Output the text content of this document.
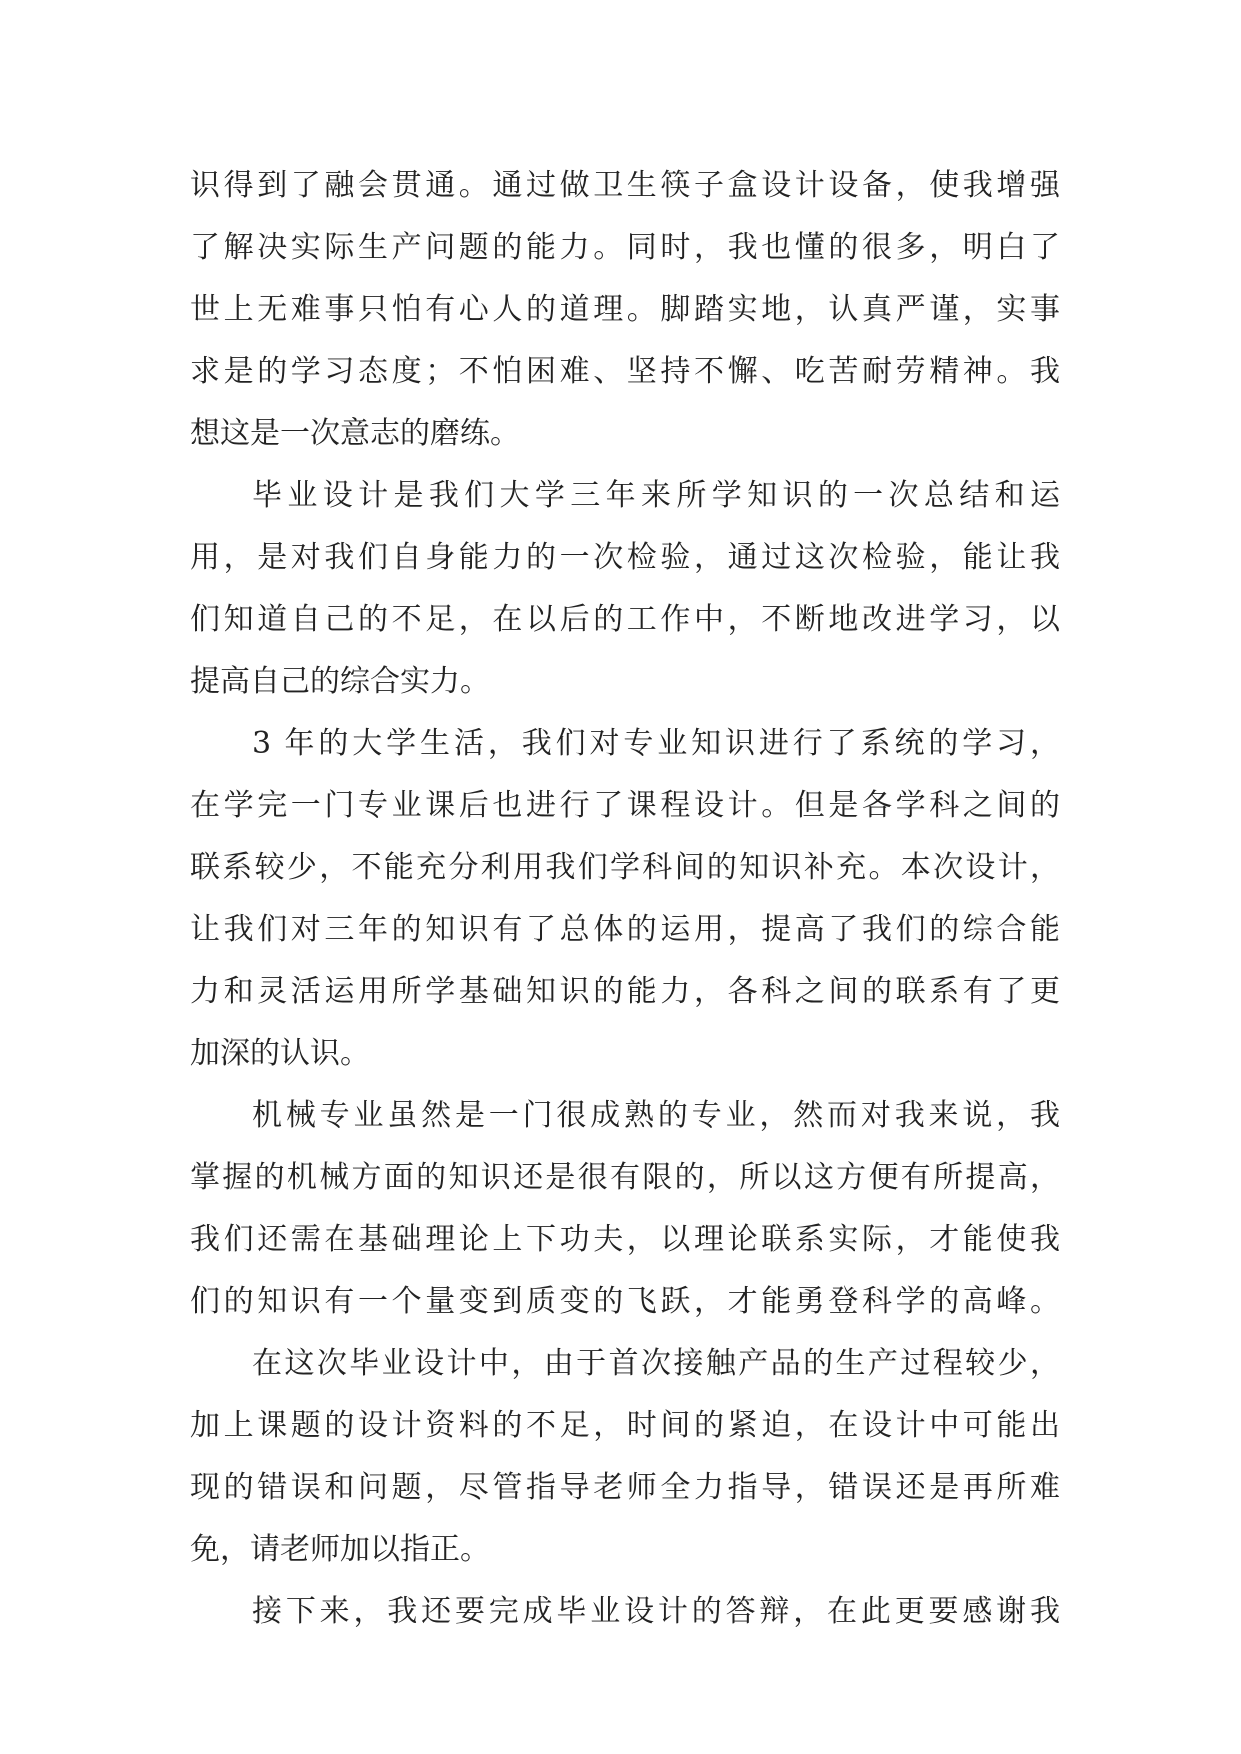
识得到了融会贯通。通过做卫生筷子盒设计设备，使我增强
了解决实际生产问题的能力。同时，我也懂的很多，明白了
世上无难事只怕有心人的道理。脚踏实地，认真严谨，实事
求是的学习态度；不怕困难、坚持不懈、吃苦耐劳精神。我
想这是一次意志的磨练。
毕业设计是我们大学三年来所学知识的一次总结和运
用，是对我们自身能力的一次检验，通过这次检验，能让我
们知道自己的不足，在以后的工作中，不断地改进学习，以
提高自己的综合实力。
3 年的大学生活，我们对专业知识进行了系统的学习，
在学完一门专业课后也进行了课程设计。但是各学科之间的
联系较少，不能充分利用我们学科间的知识补充。本次设计，
让我们对三年的知识有了总体的运用，提高了我们的综合能
力和灵活运用所学基础知识的能力，各科之间的联系有了更
加深的认识。
机械专业虽然是一门很成熟的专业，然而对我来说，我
掌握的机械方面的知识还是很有限的，所以这方便有所提高，
我们还需在基础理论上下功夫，以理论联系实际，才能使我
们的知识有一个量变到质变的飞跃，才能勇登科学的高峰。
在这次毕业设计中，由于首次接触产品的生产过程较少，
加上课题的设计资料的不足，时间的紧迫，在设计中可能出
现的错误和问题，尽管指导老师全力指导，错误还是再所难
免，请老师加以指正。
接下来，我还要完成毕业设计的答辩，在此更要感谢我
